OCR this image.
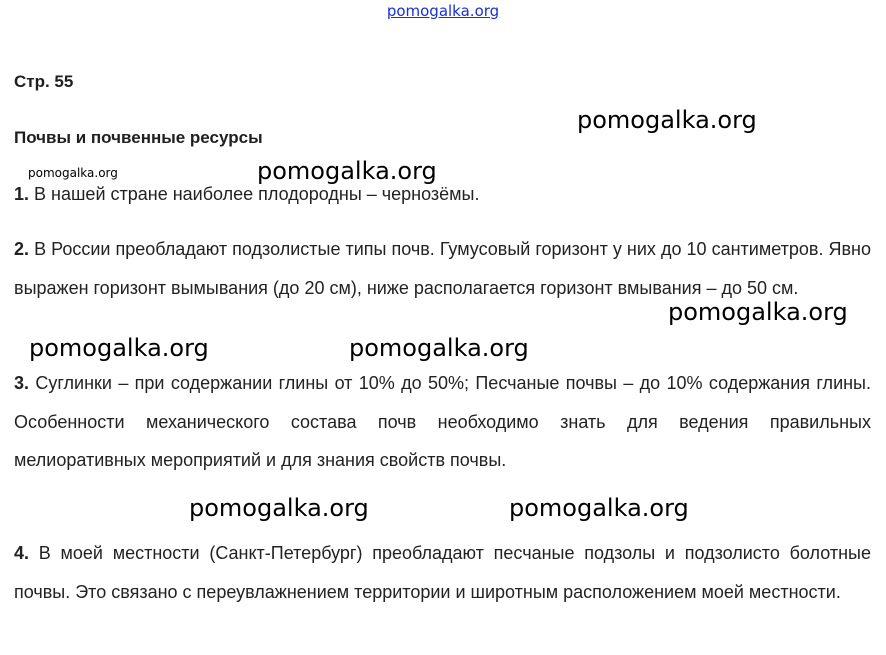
pomogalka.org
Стр. 55
Почвы и почвенные ресурсы
1. В нашей стране наиболее плодородны – чернозёмы.
2. В России преобладают подзолистые типы почв. Гумусовый горизонт у них до 10 сантиметров. Явно выражен горизонт вымывания (до 20 см), ниже располагается горизонт вмывания – до 50 см.
3. Суглинки – при содержании глины от 10% до 50%; Песчаные почвы – до 10% содержания глины. Особенности механического состава почв необходимо знать для ведения правильных мелиоративных мероприятий и для знания свойств почвы.
4. В моей местности (Санкт-Петербург) преобладают песчаные подзолы и подзолисто болотные почвы. Это связано с переувлажнением территории и широтным расположением моей местности.
pomogalka.org
pomogalka.org	pomogalka.org
pomogalka.org
pomogalka.org	pomogalka.org
pomogalka.org	pomogalka.org
